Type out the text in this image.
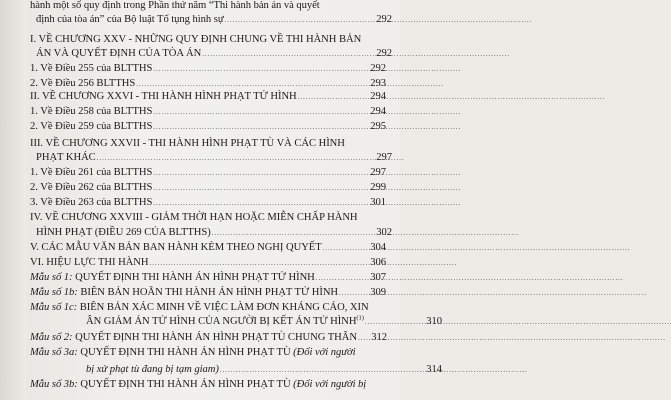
hành một số quy định trong Phần thứ năm “Thi hành bản án và quyết
định của tòa án” của Bộ luật Tố tụng hình sự . . .	292
I. VỀ CHƯƠNG XXV - NHỮNG QUY ĐỊNH CHUNG VỀ THI HÀNH BẢN
ÁN VÀ QUYẾT ĐỊNH CỦA TÒA ÁN . . .	292
1. Về Điều 255 của BLTTHS . . .	292
2. Về Điều 256 BLTTHS . . .	293
II. VỀ CHƯƠNG XXVI - THI HÀNH HÌNH PHẠT TỬ HÌNH . . .	294
1. Về Điều 258 của BLTTHS . . .	294
2. Về Điều 259 của BLTTHS . . .	295
III. VỀ CHƯƠNG XXVII - THI HÀNH HÌNH PHẠT TÙ VÀ CÁC HÌNH
PHẠT KHÁC . . .	297
1. Về Điều 261 của BLTTHS . . .	297
2. Về Điều 262 của BLTTHS . . .	299
3. Về Điều 263 của BLTTHS . . .	301
IV. VỀ CHƯƠNG XXVIII - GIẢM THỜI HẠN HOẶC MIỄN CHẤP HÀNH
HÌNH PHẠT (ĐIỀU 269 CỦA BLTTHS) . . .	302
V. CÁC MẪU VĂN BẢN BAN HÀNH KÈM THEO NGHỊ QUYẾT . . .	304
VI. HIỆU LỰC THI HÀNH . . .	306
Mẫu số 1: QUYẾT ĐỊNH THI HÀNH ÁN HÌNH PHẠT TỬ HÌNH . . .	307
Mẫu số 1b: BIÊN BẢN HOÃN THI HÀNH ÁN HÌNH PHẠT TỬ HÌNH . . .	309
Mẫu số 1c: BIÊN BẢN XÁC MINH VỀ VIỆC LÀM ĐƠN KHÁNG CÁO, XIN
ÂN GIẢM ÁN TỬ HÌNH CỦA NGƯỜI BỊ KẾT ÁN TỬ HÌNH$^{(1)}$ . . .	310
Mẫu số 2: QUYẾT ĐỊNH THI HÀNH ÁN HÌNH PHẠT TÙ CHUNG THÂN . . .	312
Mẫu số 3a: QUYẾT ĐỊNH THI HÀNH ÁN HÌNH PHẠT TÙ (Đối với người
bị xử phạt tù đang bị tạm giam) . . .	314
Mẫu số 3b: QUYẾT ĐỊNH THI HÀNH ÁN HÌNH PHẠT TÙ (Đối với người bị
